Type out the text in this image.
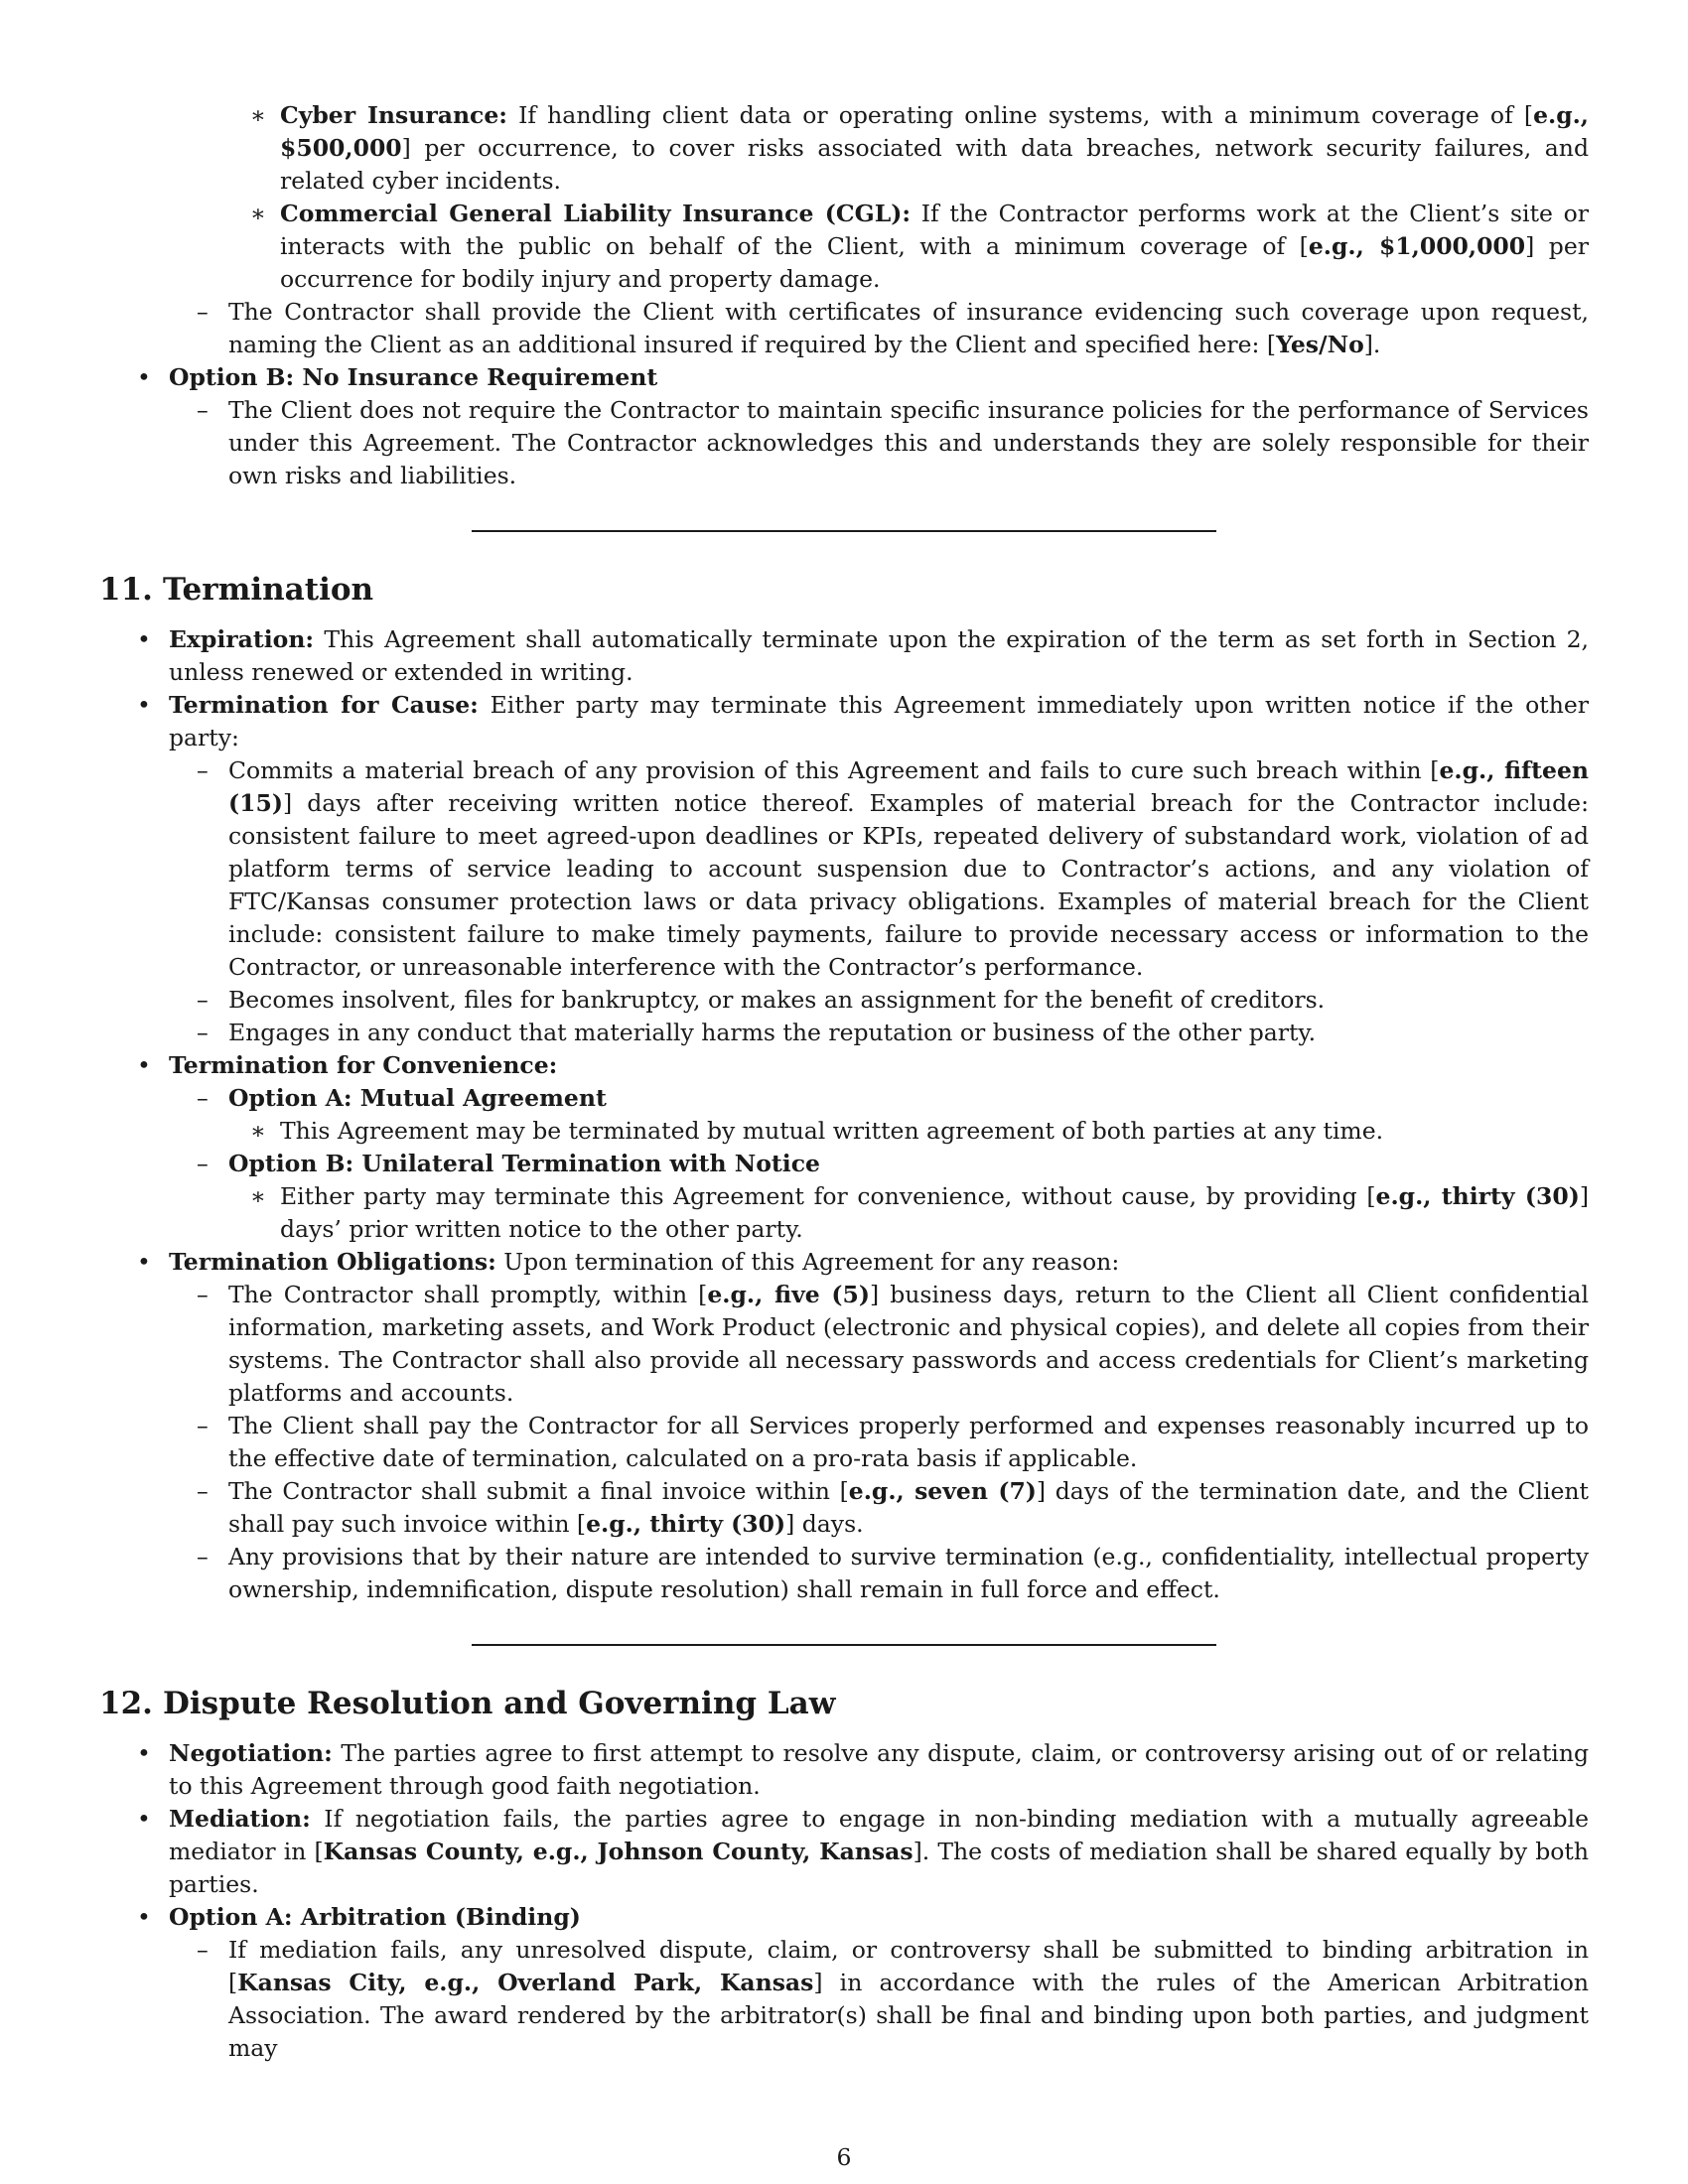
∗ Cyber Insurance: If handling client data or operating online systems, with a minimum coverage of [e.g., $500,000] per occurrence, to cover risks associated with data breaches, network security failures, and related cyber incidents.
∗ Commercial General Liability Insurance (CGL): If the Contractor performs work at the Client’s site or interacts with the public on behalf of the Client, with a minimum coverage of [e.g., $1,000,000] per occurrence for bodily injury and property damage.
– The Contractor shall provide the Client with certificates of insurance evidencing such coverage upon request, naming the Client as an additional insured if required by the Client and specified here: [Yes/No].
• Option B: No Insurance Requirement
– The Client does not require the Contractor to maintain specific insurance policies for the performance of Services under this Agreement. The Contractor acknowledges this and understands they are solely responsible for their own risks and liabilities.
11. Termination
• Expiration: This Agreement shall automatically terminate upon the expiration of the term as set forth in Section 2, unless renewed or extended in writing.
• Termination for Cause: Either party may terminate this Agreement immediately upon written notice if the other party:
– Commits a material breach of any provision of this Agreement and fails to cure such breach within [e.g., fifteen (15)] days after receiving written notice thereof. Examples of material breach for the Contractor include: consistent failure to meet agreed-upon deadlines or KPIs, repeated delivery of substandard work, violation of ad platform terms of service leading to account suspension due to Contractor’s actions, and any violation of FTC/Kansas consumer protection laws or data privacy obligations. Examples of material breach for the Client include: consistent failure to make timely payments, failure to provide necessary access or information to the Contractor, or unreasonable interference with the Contractor’s performance.
– Becomes insolvent, files for bankruptcy, or makes an assignment for the benefit of creditors.
– Engages in any conduct that materially harms the reputation or business of the other party.
• Termination for Convenience:
– Option A: Mutual Agreement
∗ This Agreement may be terminated by mutual written agreement of both parties at any time.
– Option B: Unilateral Termination with Notice
∗ Either party may terminate this Agreement for convenience, without cause, by providing [e.g., thirty (30)] days’ prior written notice to the other party.
• Termination Obligations: Upon termination of this Agreement for any reason:
– The Contractor shall promptly, within [e.g., five (5)] business days, return to the Client all Client confidential information, marketing assets, and Work Product (electronic and physical copies), and delete all copies from their systems. The Contractor shall also provide all necessary passwords and access credentials for Client’s marketing platforms and accounts.
– The Client shall pay the Contractor for all Services properly performed and expenses reasonably incurred up to the effective date of termination, calculated on a pro-rata basis if applicable.
– The Contractor shall submit a final invoice within [e.g., seven (7)] days of the termination date, and the Client shall pay such invoice within [e.g., thirty (30)] days.
– Any provisions that by their nature are intended to survive termination (e.g., confidentiality, intellectual property ownership, indemnification, dispute resolution) shall remain in full force and effect.
12. Dispute Resolution and Governing Law
• Negotiation: The parties agree to first attempt to resolve any dispute, claim, or controversy arising out of or relating to this Agreement through good faith negotiation.
• Mediation: If negotiation fails, the parties agree to engage in non-binding mediation with a mutually agreeable mediator in [Kansas County, e.g., Johnson County, Kansas]. The costs of mediation shall be shared equally by both parties.
• Option A: Arbitration (Binding)
– If mediation fails, any unresolved dispute, claim, or controversy shall be submitted to binding arbitration in [Kansas City, e.g., Overland Park, Kansas] in accordance with the rules of the American Arbitration Association. The award rendered by the arbitrator(s) shall be final and binding upon both parties, and judgment may
6
